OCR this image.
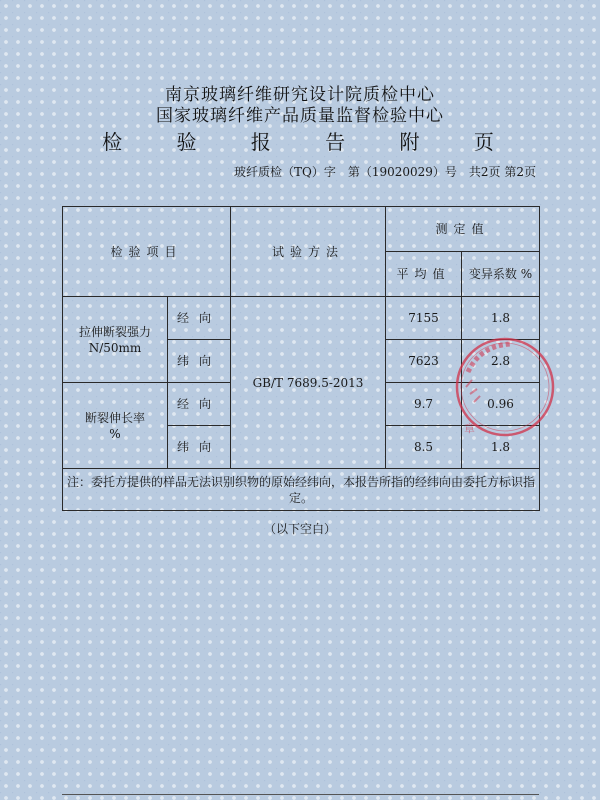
南京玻璃纤维研究设计院质检中心
国家玻璃纤维产品质量监督检验中心
检 验 报 告 附 页
玻纤质检（TQ）字　第（19020029）号　共2页 第2页
检验项目		试验方法	测定值	
			平均值	变异系数 %

拉伸断裂强力
N/50mm	经向	GB/T 7689.5-2013	7155	1.8
	纬向		7623	2.8

断裂伸长率
%	经向		9.7	0.96
	纬向		8.5	1.8
注：委托方提供的样品无法识别织物的原始经纬向，本报告所指的经纬向由委托方标识指定。				
（以下空白）
章
